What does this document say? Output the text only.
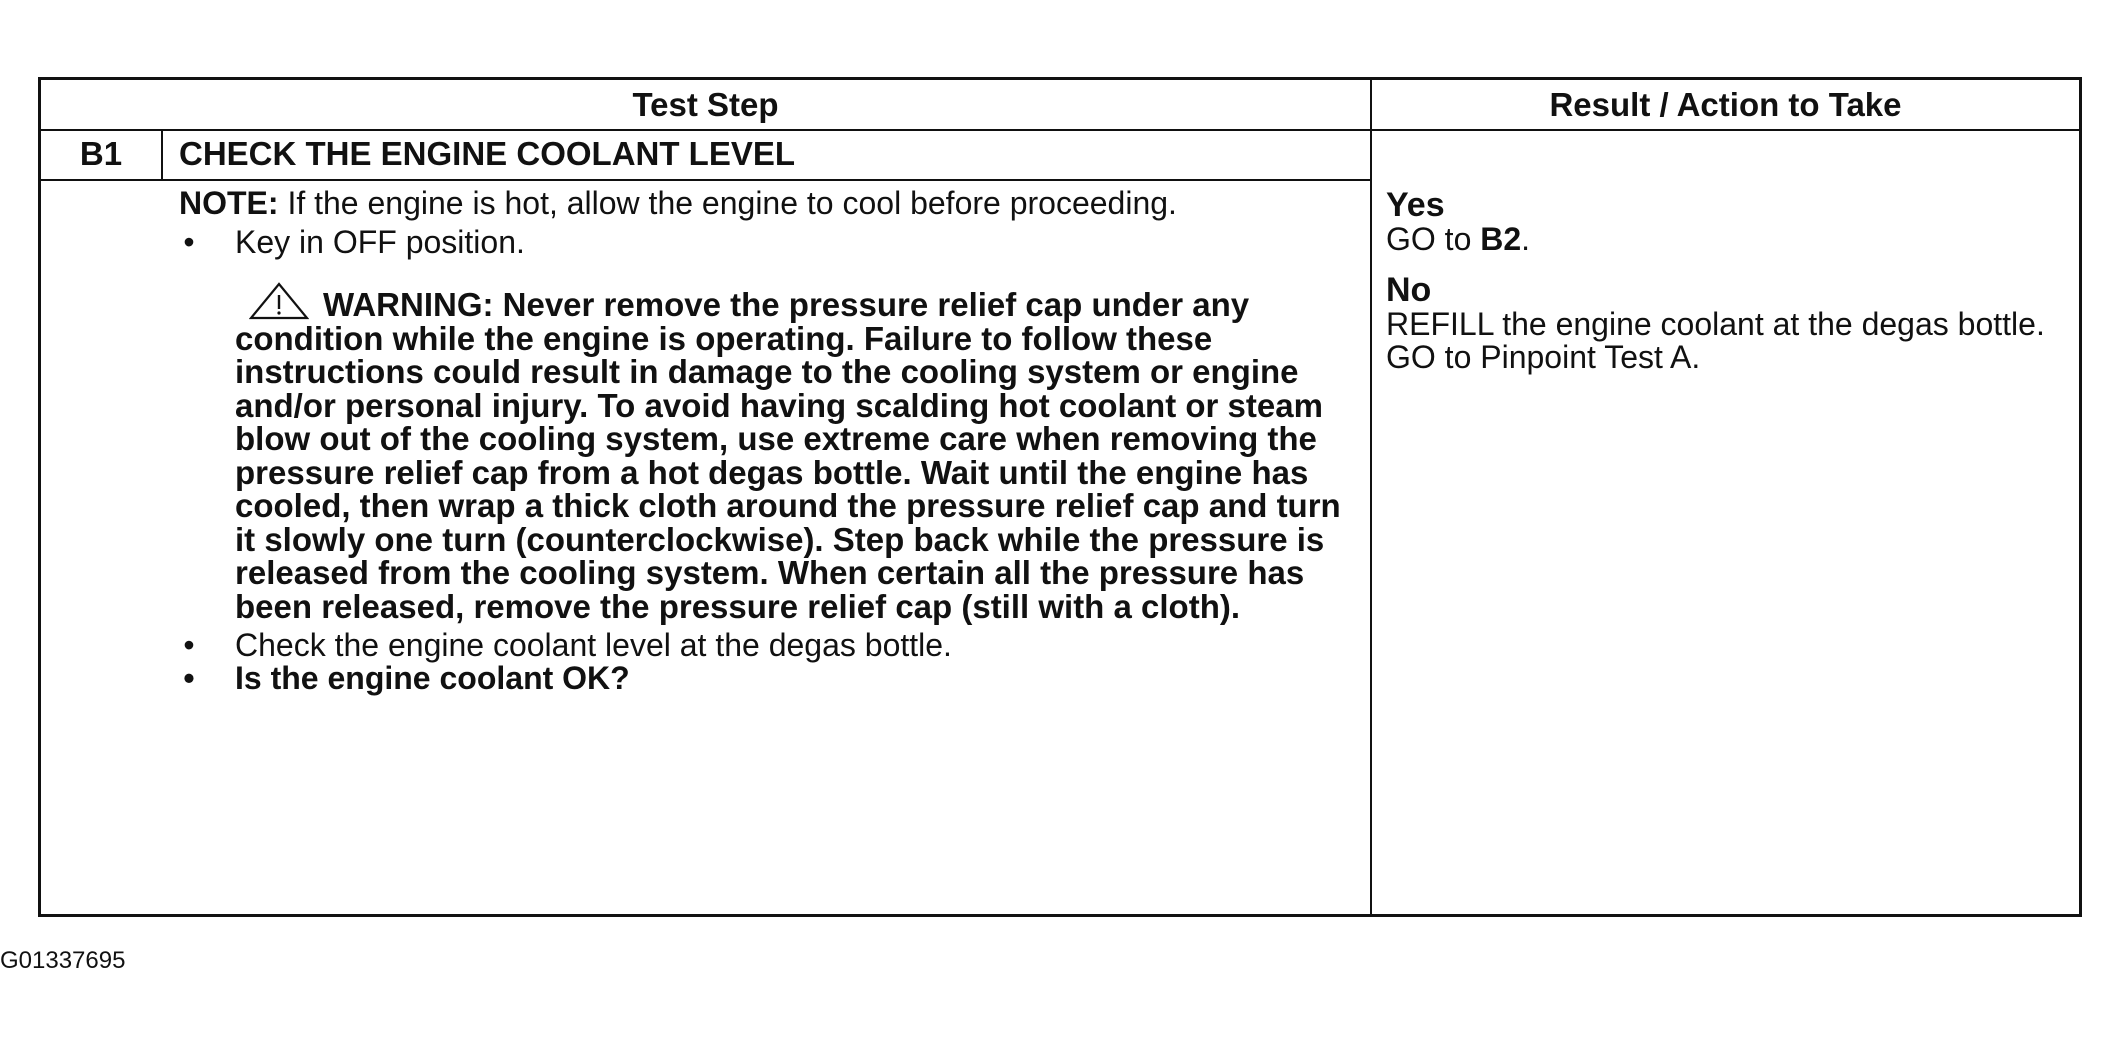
Test Step	Result / Action to Take
B1	CHECK THE ENGINE COOLANT LEVEL
NOTE: If the engine is hot, allow the engine to cool before proceeding.
• Key in OFF position.
WARNING: Never remove the pressure relief cap under any condition while the engine is operating. Failure to follow these instructions could result in damage to the cooling system or engine and/or personal injury. To avoid having scalding hot coolant or steam blow out of the cooling system, use extreme care when removing the pressure relief cap from a hot degas bottle. Wait until the engine has cooled, then wrap a thick cloth around the pressure relief cap and turn it slowly one turn (counterclockwise). Step back while the pressure is released from the cooling system. When certain all the pressure has been released, remove the pressure relief cap (still with a cloth).
• Check the engine coolant level at the degas bottle.
• Is the engine coolant OK?
Yes
GO to B2.
No
REFILL the engine coolant at the degas bottle. GO to Pinpoint Test A.
G01337695
